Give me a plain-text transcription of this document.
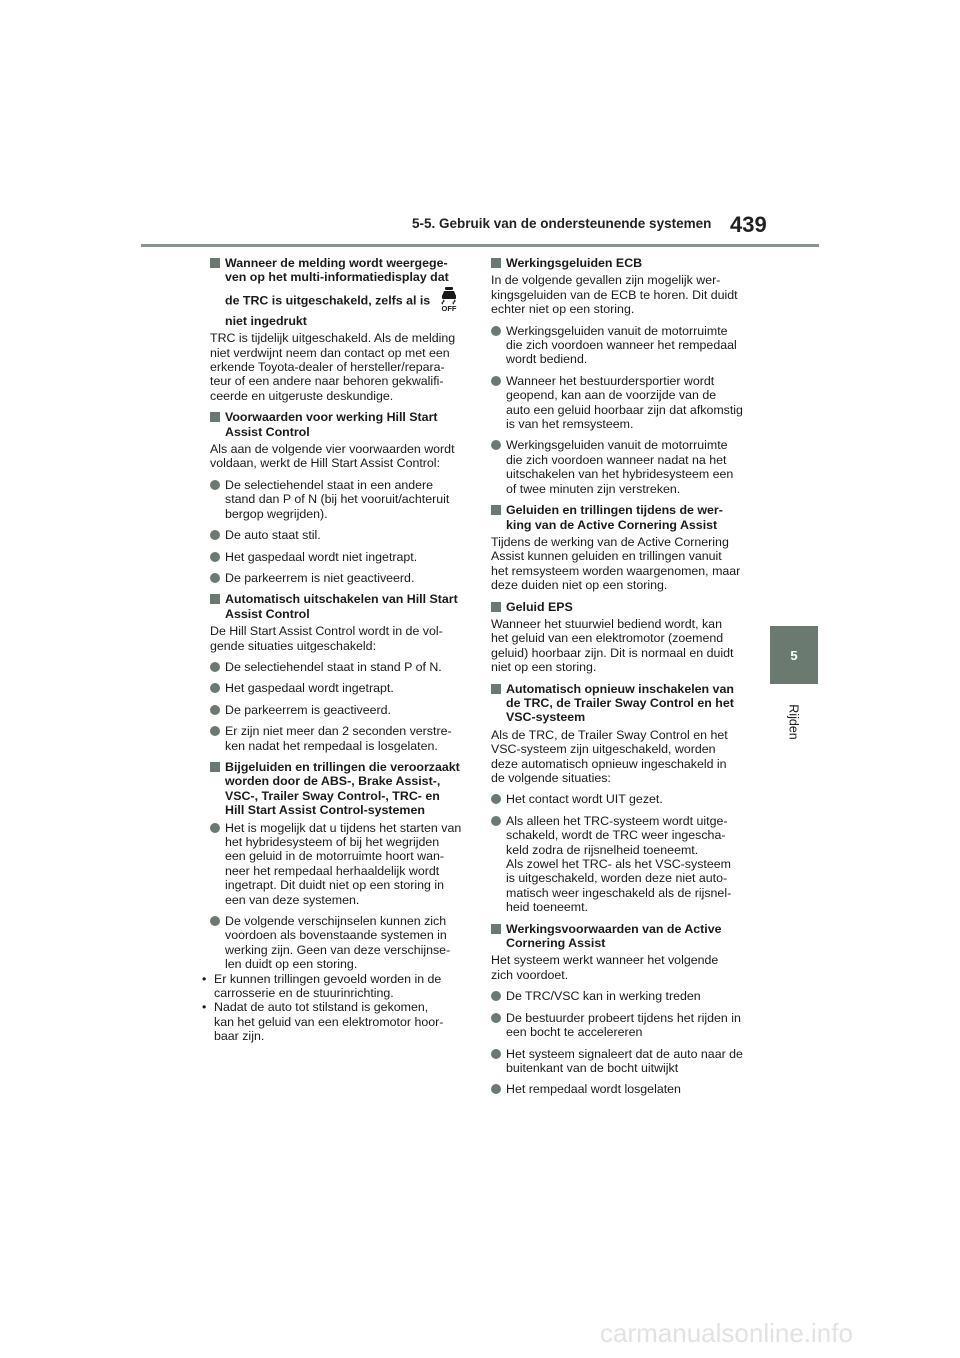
5-5. Gebruik van de ondersteunende systemen 439
5
Rijden
Wanneer de melding wordt weergege-
ven op het multi-informatiedisplay dat
de TRC is uitgeschakeld, zelfs al is
OFF
niet ingedrukt
TRC is tijdelijk uitgeschakeld. Als de melding
niet verdwijnt neem dan contact op met een
erkende Toyota-dealer of hersteller/repara-
teur of een andere naar behoren gekwalifi-
ceerde en uitgeruste deskundige.
Voorwaarden voor werking Hill Start
Assist Control
Als aan de volgende vier voorwaarden wordt
voldaan, werkt de Hill Start Assist Control:
De selectiehendel staat in een andere
stand dan P of N (bij het vooruit/achteruit
bergop wegrijden).
De auto staat stil.
Het gaspedaal wordt niet ingetrapt.
De parkeerrem is niet geactiveerd.
Automatisch uitschakelen van Hill Start
Assist Control
De Hill Start Assist Control wordt in de vol-
gende situaties uitgeschakeld:
De selectiehendel staat in stand P of N.
Het gaspedaal wordt ingetrapt.
De parkeerrem is geactiveerd.
Er zijn niet meer dan 2 seconden verstre-
ken nadat het rempedaal is losgelaten.
Bijgeluiden en trillingen die veroorzaakt
worden door de ABS-, Brake Assist-,
VSC-, Trailer Sway Control-, TRC- en
Hill Start Assist Control-systemen
Het is mogelijk dat u tijdens het starten van
het hybridesysteem of bij het wegrijden
een geluid in de motorruimte hoort wan-
neer het rempedaal herhaaldelijk wordt
ingetrapt. Dit duidt niet op een storing in
een van deze systemen.
De volgende verschijnselen kunnen zich
voordoen als bovenstaande systemen in
werking zijn. Geen van deze verschijnse-
len duidt op een storing.
• Er kunnen trillingen gevoeld worden in de
carrosserie en de stuurinrichting.
• Nadat de auto tot stilstand is gekomen,
kan het geluid van een elektromotor hoor-
baar zijn.
Werkingsgeluiden ECB
In de volgende gevallen zijn mogelijk wer-
kingsgeluiden van de ECB te horen. Dit duidt
echter niet op een storing.
Werkingsgeluiden vanuit de motorruimte
die zich voordoen wanneer het rempedaal
wordt bediend.
Wanneer het bestuurdersportier wordt
geopend, kan aan de voorzijde van de
auto een geluid hoorbaar zijn dat afkomstig
is van het remsysteem.
Werkingsgeluiden vanuit de motorruimte
die zich voordoen wanneer nadat na het
uitschakelen van het hybridesysteem een
of twee minuten zijn verstreken.
Geluiden en trillingen tijdens de wer-
king van de Active Cornering Assist
Tijdens de werking van de Active Cornering
Assist kunnen geluiden en trillingen vanuit
het remsysteem worden waargenomen, maar
deze duiden niet op een storing.
Geluid EPS
Wanneer het stuurwiel bediend wordt, kan
het geluid van een elektromotor (zoemend
geluid) hoorbaar zijn. Dit is normaal en duidt
niet op een storing.
Automatisch opnieuw inschakelen van
de TRC, de Trailer Sway Control en het
VSC-systeem
Als de TRC, de Trailer Sway Control en het
VSC-systeem zijn uitgeschakeld, worden
deze automatisch opnieuw ingeschakeld in
de volgende situaties:
Het contact wordt UIT gezet.
Als alleen het TRC-systeem wordt uitge-
schakeld, wordt de TRC weer ingescha-
keld zodra de rijsnelheid toeneemt.
Als zowel het TRC- als het VSC-systeem
is uitgeschakeld, worden deze niet auto-
matisch weer ingeschakeld als de rijsnel-
heid toeneemt.
Werkingsvoorwaarden van de Active
Cornering Assist
Het systeem werkt wanneer het volgende
zich voordoet.
De TRC/VSC kan in werking treden
De bestuurder probeert tijdens het rijden in
een bocht te accelereren
Het systeem signaleert dat de auto naar de
buitenkant van de bocht uitwijkt
Het rempedaal wordt losgelaten
carmanualsonline.info
